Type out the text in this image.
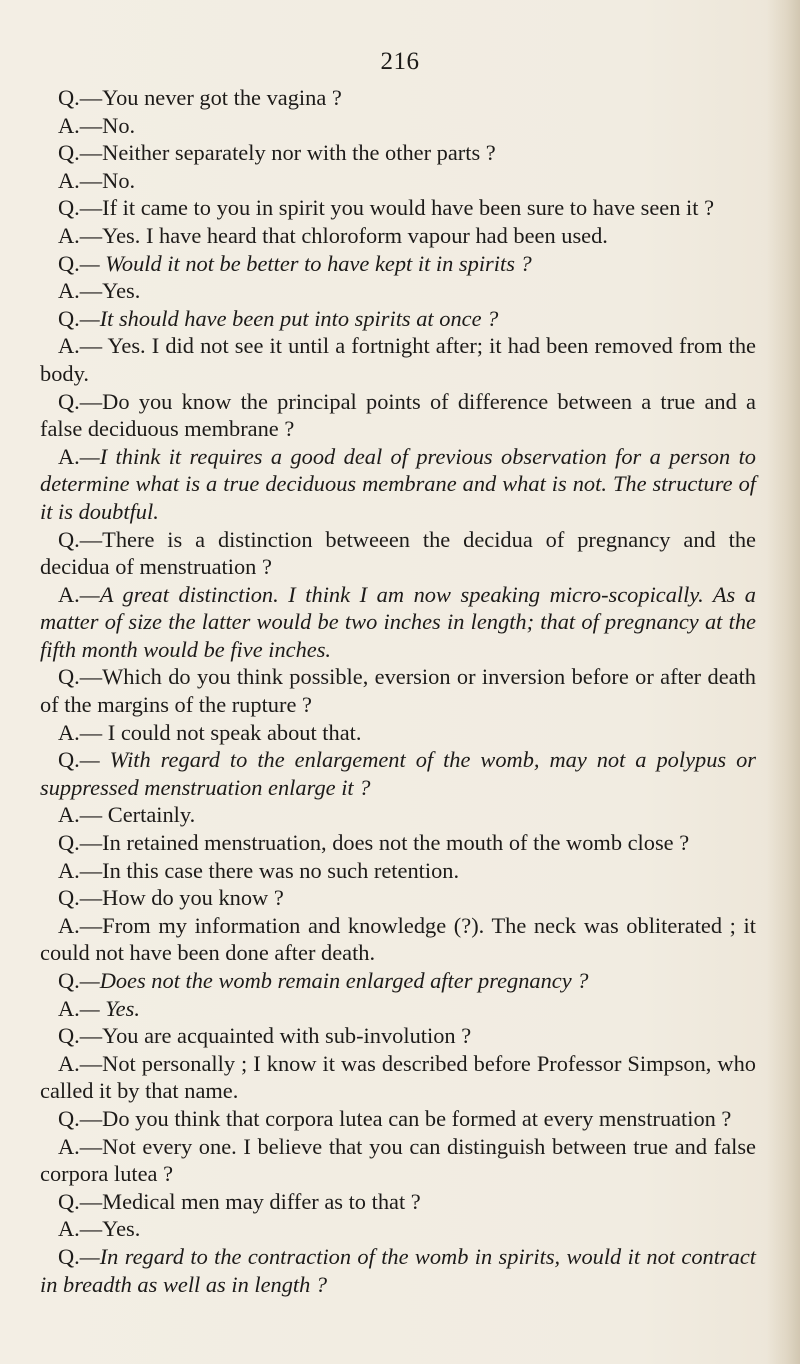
216

Q.—You never got the vagina ?

A.—No.

Q.—Neither separately nor with the other parts ?

A.—No.

Q.—If it came to you in spirit you would have been sure to have seen it ?

A.—Yes. I have heard that chloroform vapour had been used.

Q.— Would it not be better to have kept it in spirits ?

A.—Yes.

Q.—It should have been put into spirits at once ?

A.— Yes. I did not see it until a fortnight after; it had been removed from the body.

Q.—Do you know the principal points of difference between a true and a false deciduous membrane ?

A.—I think it requires a good deal of previous observation for a person to determine what is a true deciduous membrane and what is not. The structure of it is doubtful.

Q.—There is a distinction betweeen the decidua of pregnancy and the decidua of menstruation ?

A.—A great distinction. I think I am now speaking micro-scopically. As a matter of size the latter would be two inches in length; that of pregnancy at the fifth month would be five inches.

Q.—Which do you think possible, eversion or inversion before or after death of the margins of the rupture ?

A.— I could not speak about that.

Q.— With regard to the enlargement of the womb, may not a polypus or suppressed menstruation enlarge it ?

A.— Certainly.

Q.—In retained menstruation, does not the mouth of the womb close ?

A.—In this case there was no such retention.

Q.—How do you know ?

A.—From my information and knowledge (?). The neck was obliterated ; it could not have been done after death.

Q.—Does not the womb remain enlarged after pregnancy ?

A.— Yes.

Q.—You are acquainted with sub-involution ?

A.—Not personally ; I know it was described before Professor Simpson, who called it by that name.

Q.—Do you think that corpora lutea can be formed at every menstruation ?

A.—Not every one. I believe that you can distinguish between true and false corpora lutea ?

Q.—Medical men may differ as to that ?

A.—Yes.

Q.—In regard to the contraction of the womb in spirits, would it not contract in breadth as well as in length ?
